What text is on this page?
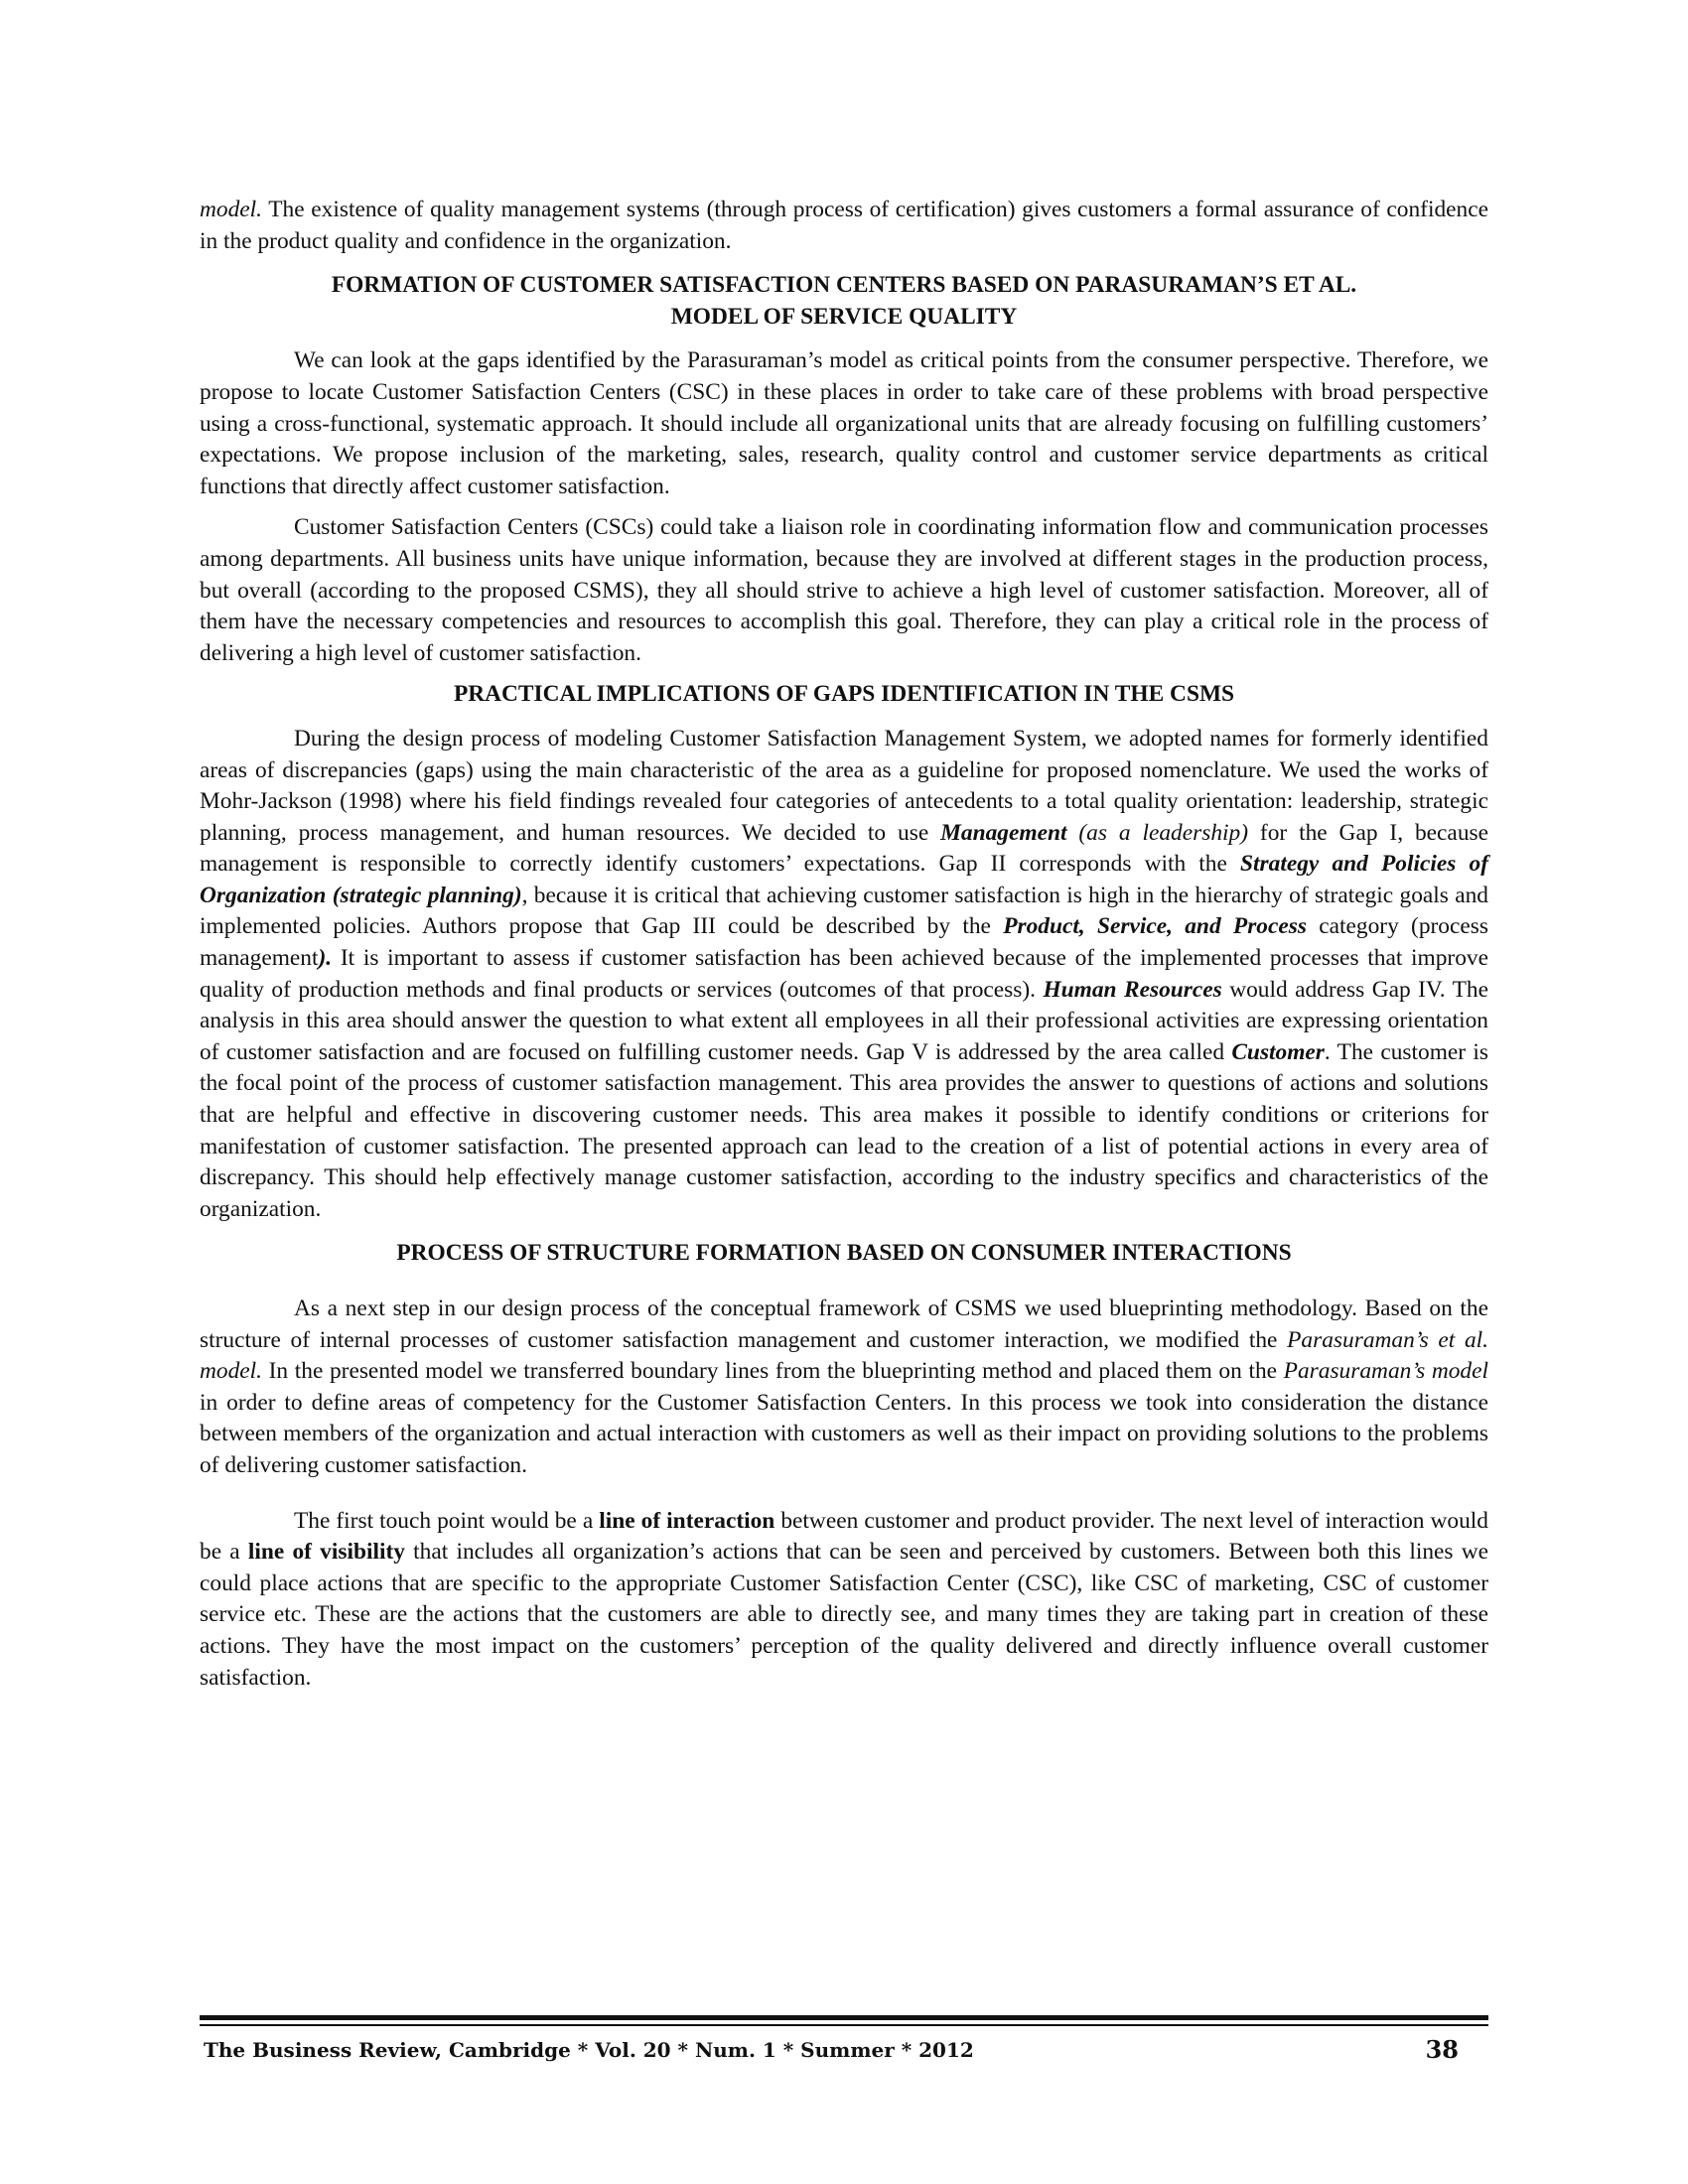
model. The existence of quality management systems (through process of certification) gives customers a formal assurance of confidence in the product quality and confidence in the organization.

FORMATION OF CUSTOMER SATISFACTION CENTERS BASED ON PARASURAMAN’S ET AL.
MODEL OF SERVICE QUALITY

We can look at the gaps identified by the Parasuraman’s model as critical points from the consumer perspective. Therefore, we propose to locate Customer Satisfaction Centers (CSC) in these places in order to take care of these problems with broad perspective using a cross-functional, systematic approach. It should include all organizational units that are already focusing on fulfilling customers’ expectations. We propose inclusion of the marketing, sales, research, quality control and customer service departments as critical functions that directly affect customer satisfaction.

Customer Satisfaction Centers (CSCs) could take a liaison role in coordinating information flow and communication processes among departments. All business units have unique information, because they are involved at different stages in the production process, but overall (according to the proposed CSMS), they all should strive to achieve a high level of customer satisfaction. Moreover, all of them have the necessary competencies and resources to accomplish this goal. Therefore, they can play a critical role in the process of delivering a high level of customer satisfaction.

PRACTICAL IMPLICATIONS OF GAPS IDENTIFICATION IN THE CSMS

During the design process of modeling Customer Satisfaction Management System, we adopted names for formerly identified areas of discrepancies (gaps) using the main characteristic of the area as a guideline for proposed nomenclature. We used the works of Mohr-Jackson (1998) where his field findings revealed four categories of antecedents to a total quality orientation: leadership, strategic planning, process management, and human resources. We decided to use Management (as a leadership) for the Gap I, because management is responsible to correctly identify customers’ expectations. Gap II corresponds with the Strategy and Policies of Organization (strategic planning), because it is critical that achieving customer satisfaction is high in the hierarchy of strategic goals and implemented policies. Authors propose that Gap III could be described by the Product, Service, and Process category (process management). It is important to assess if customer satisfaction has been achieved because of the implemented processes that improve quality of production methods and final products or services (outcomes of that process). Human Resources would address Gap IV. The analysis in this area should answer the question to what extent all employees in all their professional activities are expressing orientation of customer satisfaction and are focused on fulfilling customer needs. Gap V is addressed by the area called Customer. The customer is the focal point of the process of customer satisfaction management. This area provides the answer to questions of actions and solutions that are helpful and effective in discovering customer needs. This area makes it possible to identify conditions or criterions for manifestation of customer satisfaction. The presented approach can lead to the creation of a list of potential actions in every area of discrepancy. This should help effectively manage customer satisfaction, according to the industry specifics and characteristics of the organization.

PROCESS OF STRUCTURE FORMATION BASED ON CONSUMER INTERACTIONS

As a next step in our design process of the conceptual framework of CSMS we used blueprinting methodology. Based on the structure of internal processes of customer satisfaction management and customer interaction, we modified the Parasuraman’s et al. model. In the presented model we transferred boundary lines from the blueprinting method and placed them on the Parasuraman’s model in order to define areas of competency for the Customer Satisfaction Centers. In this process we took into consideration the distance between members of the organization and actual interaction with customers as well as their impact on providing solutions to the problems of delivering customer satisfaction.

The first touch point would be a line of interaction between customer and product provider. The next level of interaction would be a line of visibility that includes all organization’s actions that can be seen and perceived by customers. Between both this lines we could place actions that are specific to the appropriate Customer Satisfaction Center (CSC), like CSC of marketing, CSC of customer service etc. These are the actions that the customers are able to directly see, and many times they are taking part in creation of these actions. They have the most impact on the customers’ perception of the quality delivered and directly influence overall customer satisfaction.

The Business Review, Cambridge * Vol. 20 * Num. 1 * Summer * 2012	38
